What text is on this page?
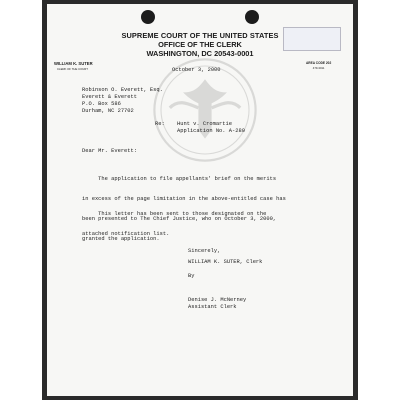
SUPREME COURT OF THE UNITED STATES
OFFICE OF THE CLERK
WASHINGTON, DC 20543-0001
WILLIAM K. SUTER
CLERK OF THE COURT
AREA CODE 202
479-3011
October 3, 2000
Robinson O. Everett, Esq.
Everett & Everett
P.O. Box 586
Durham, NC 27702
Re: Hunt v. Cromartie
Application No. A-280
Dear Mr. Everett:

The application to file appellants' brief on the merits

in excess of the page limitation in the above-entitled case has

been presented to The Chief Justice, who on October 3, 2000,

granted the application.

This letter has been sent to those designated on the

attached notification list.

Sincerely,
WILLIAM K. SUTER, Clerk
By
Denise J. McNerney
Assistant Clerk
